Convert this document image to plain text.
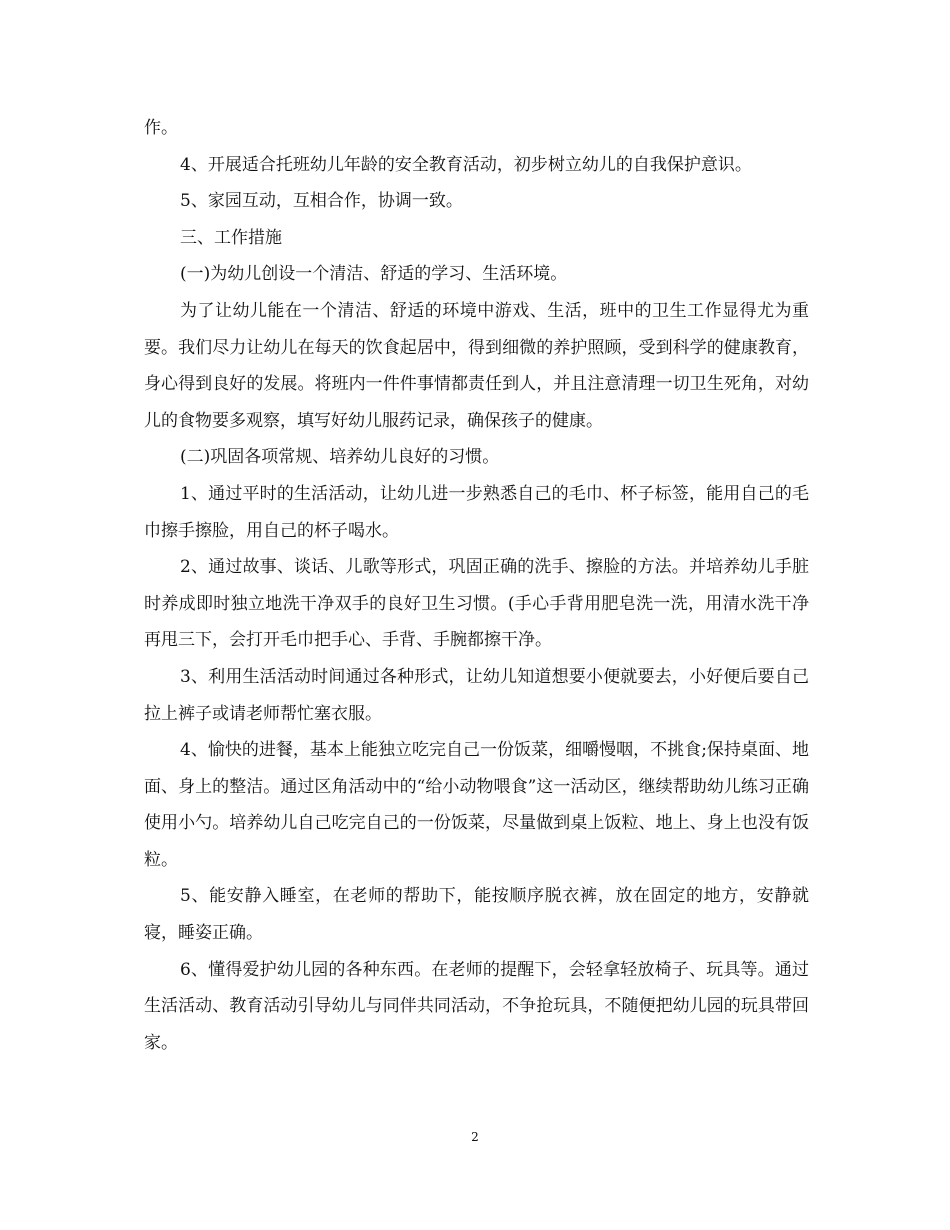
作。

4、开展适合托班幼儿年龄的安全教育活动，初步树立幼儿的自我保护意识。

5、家园互动，互相合作，协调一致。

三、工作措施

(一)为幼儿创设一个清洁、舒适的学习、生活环境。

为了让幼儿能在一个清洁、舒适的环境中游戏、生活，班中的卫生工作显得尤为重要。我们尽力让幼儿在每天的饮食起居中，得到细微的养护照顾，受到科学的健康教育，身心得到良好的发展。将班内一件件事情都责任到人，并且注意清理一切卫生死角，对幼儿的食物要多观察，填写好幼儿服药记录，确保孩子的健康。

(二)巩固各项常规、培养幼儿良好的习惯。

1、通过平时的生活活动，让幼儿进一步熟悉自己的毛巾、杯子标签，能用自己的毛巾擦手擦脸，用自己的杯子喝水。

2、通过故事、谈话、儿歌等形式，巩固正确的洗手、擦脸的方法。并培养幼儿手脏时养成即时独立地洗干净双手的良好卫生习惯。(手心手背用肥皂洗一洗，用清水洗干净再甩三下，会打开毛巾把手心、手背、手腕都擦干净。

3、利用生活活动时间通过各种形式，让幼儿知道想要小便就要去，小好便后要自己拉上裤子或请老师帮忙塞衣服。

4、愉快的进餐，基本上能独立吃完自己一份饭菜，细嚼慢咽，不挑食;保持桌面、地面、身上的整洁。通过区角活动中的“给小动物喂食”这一活动区，继续帮助幼儿练习正确使用小勺。培养幼儿自己吃完自己的一份饭菜，尽量做到桌上饭粒、地上、身上也没有饭粒。

5、能安静入睡室，在老师的帮助下，能按顺序脱衣裤，放在固定的地方，安静就寝，睡姿正确。

6、懂得爱护幼儿园的各种东西。在老师的提醒下，会轻拿轻放椅子、玩具等。通过生活活动、教育活动引导幼儿与同伴共同活动，不争抢玩具，不随便把幼儿园的玩具带回家。

2
